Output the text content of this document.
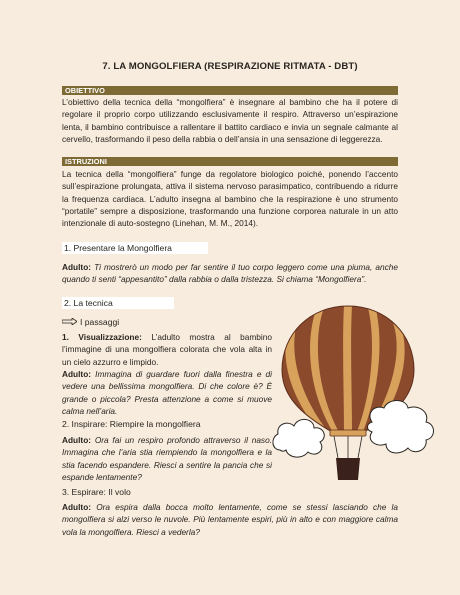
7. LA MONGOLFIERA (RESPIRAZIONE RITMATA - DBT)
OBIETTIVO

L’obiettivo della tecnica della “mongolfiera” è insegnare al bambino che ha il potere di regolare il proprio corpo utilizzando esclusivamente il respiro. Attraverso un’espirazione lenta, il bambino contribuisce a rallentare il battito cardiaco e invia un segnale calmante al cervello, trasformando il peso della rabbia o dell’ansia in una sensazione di leggerezza.

ISTRUZIONI

La tecnica della “mongolfiera” funge da regolatore biologico poiché, ponendo l’accento sull’espirazione prolungata, attiva il sistema nervoso parasimpatico, contribuendo a ridurre la frequenza cardiaca. L’adulto insegna al bambino che la respirazione è uno strumento “portatile” sempre a disposizione, trasformando una funzione corporea naturale in un atto intenzionale di auto-sostegno (Linehan, M. M., 2014).

1. Presentare la Mongolfiera

Adulto: Ti mostrerò un modo per far sentire il tuo corpo leggero come una piuma, anche quando ti senti “appesantito” dalla rabbia o dalla tristezza. Si chiama “Mongolfiera”.

2. La tecnica
I passaggi

1. Visualizzazione: L’adulto mostra al bambino l’immagine di una mongolfiera colorata che vola alta in un cielo azzurro e limpido.

Adulto: Immagina di guardare fuori dalla finestra e di vedere una bellissima mongolfiera. Di che colore è? È grande o piccola? Presta attenzione a come si muove calma nell’aria.

2. Inspirare: Riempire la mongolfiera

Adulto: Ora fai un respiro profondo attraverso il naso. Immagina che l’aria stia riempiendo la mongolfiera e la stia facendo espandere. Riesci a sentire la pancia che si espande lentamente?

3. Espirare: Il volo

Adulto: Ora espira dalla bocca molto lentamente, come se stessi lasciando che la mongolfiera si alzi verso le nuvole. Più lentamente espiri, più in alto e con maggiore calma vola la mongolfiera. Riesci a vederla?
